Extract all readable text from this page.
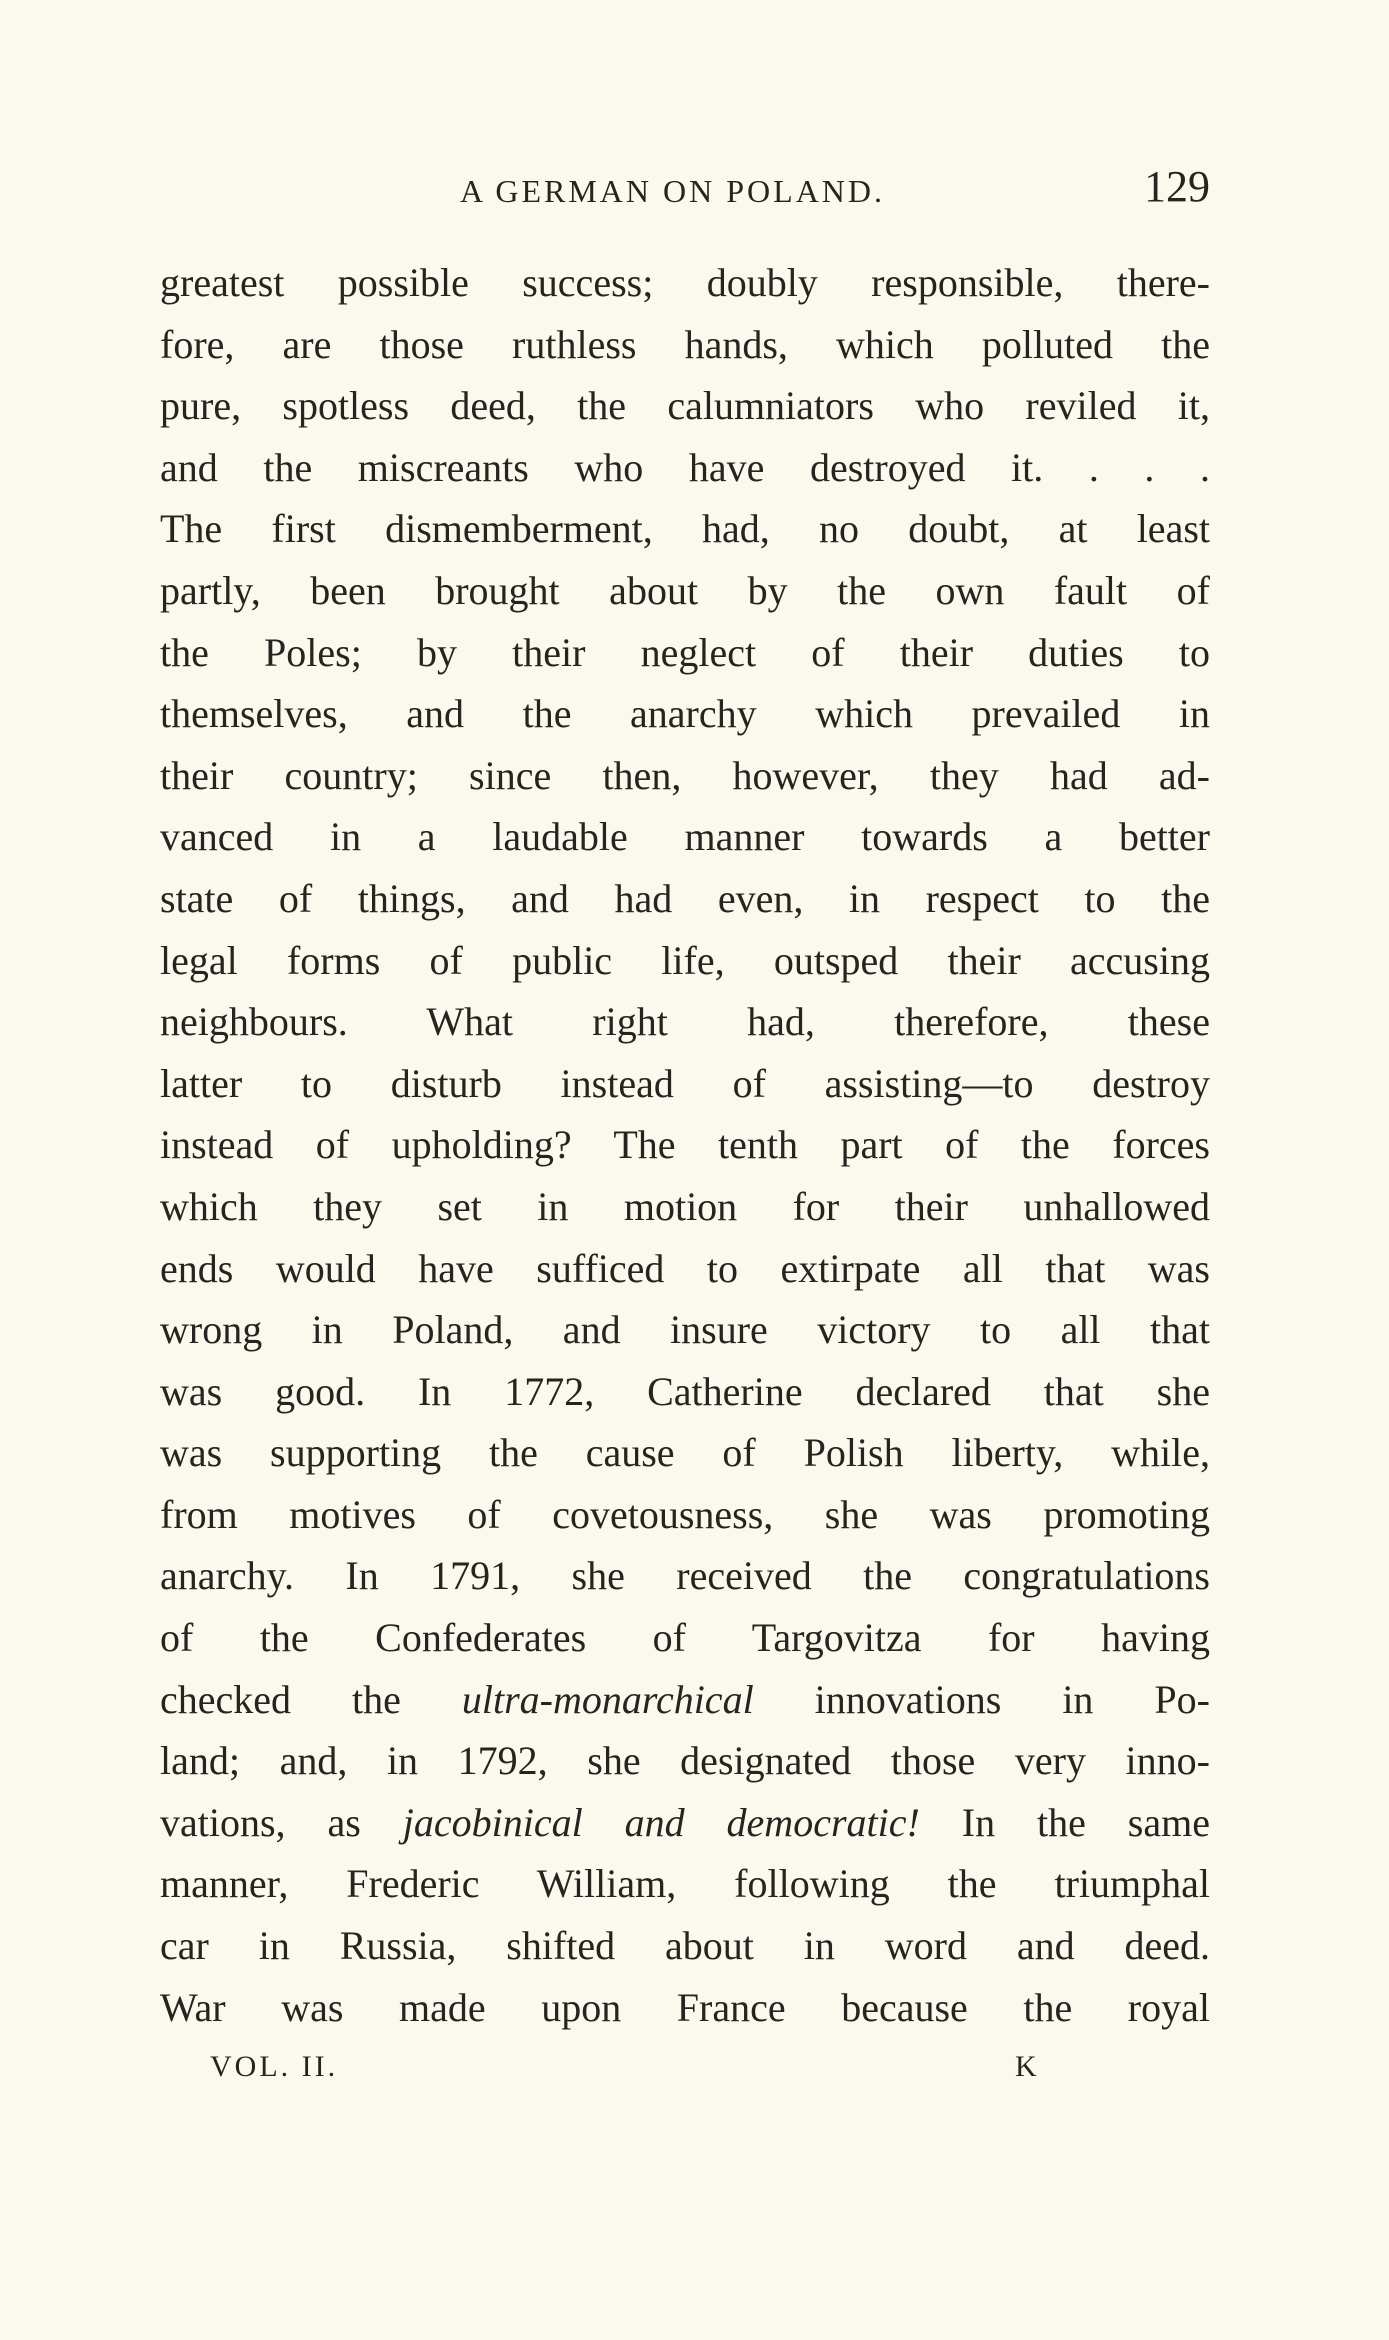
A GERMAN ON POLAND.	129
greatest possible success; doubly responsible, there-
fore, are those ruthless hands, which polluted the
pure, spotless deed, the calumniators who reviled it,
and the miscreants who have destroyed it. . . .
The first dismemberment, had, no doubt, at least
partly, been brought about by the own fault of
the Poles; by their neglect of their duties to
themselves, and the anarchy which prevailed in
their country; since then, however, they had ad-
vanced in a laudable manner towards a better
state of things, and had even, in respect to the
legal forms of public life, outsped their accusing
neighbours. What right had, therefore, these
latter to disturb instead of assisting—to destroy
instead of upholding? The tenth part of the forces
which they set in motion for their unhallowed
ends would have sufficed to extirpate all that was
wrong in Poland, and insure victory to all that
was good. In 1772, Catherine declared that she
was supporting the cause of Polish liberty, while,
from motives of covetousness, she was promoting
anarchy. In 1791, she received the congratulations
of the Confederates of Targovitza for having
checked the ultra-monarchical innovations in Po-
land; and, in 1792, she designated those very inno-
vations, as jacobinical and democratic! In the same
manner, Frederic William, following the triumphal
car in Russia, shifted about in word and deed.
War was made upon France because the royal
VOL. II.	K
